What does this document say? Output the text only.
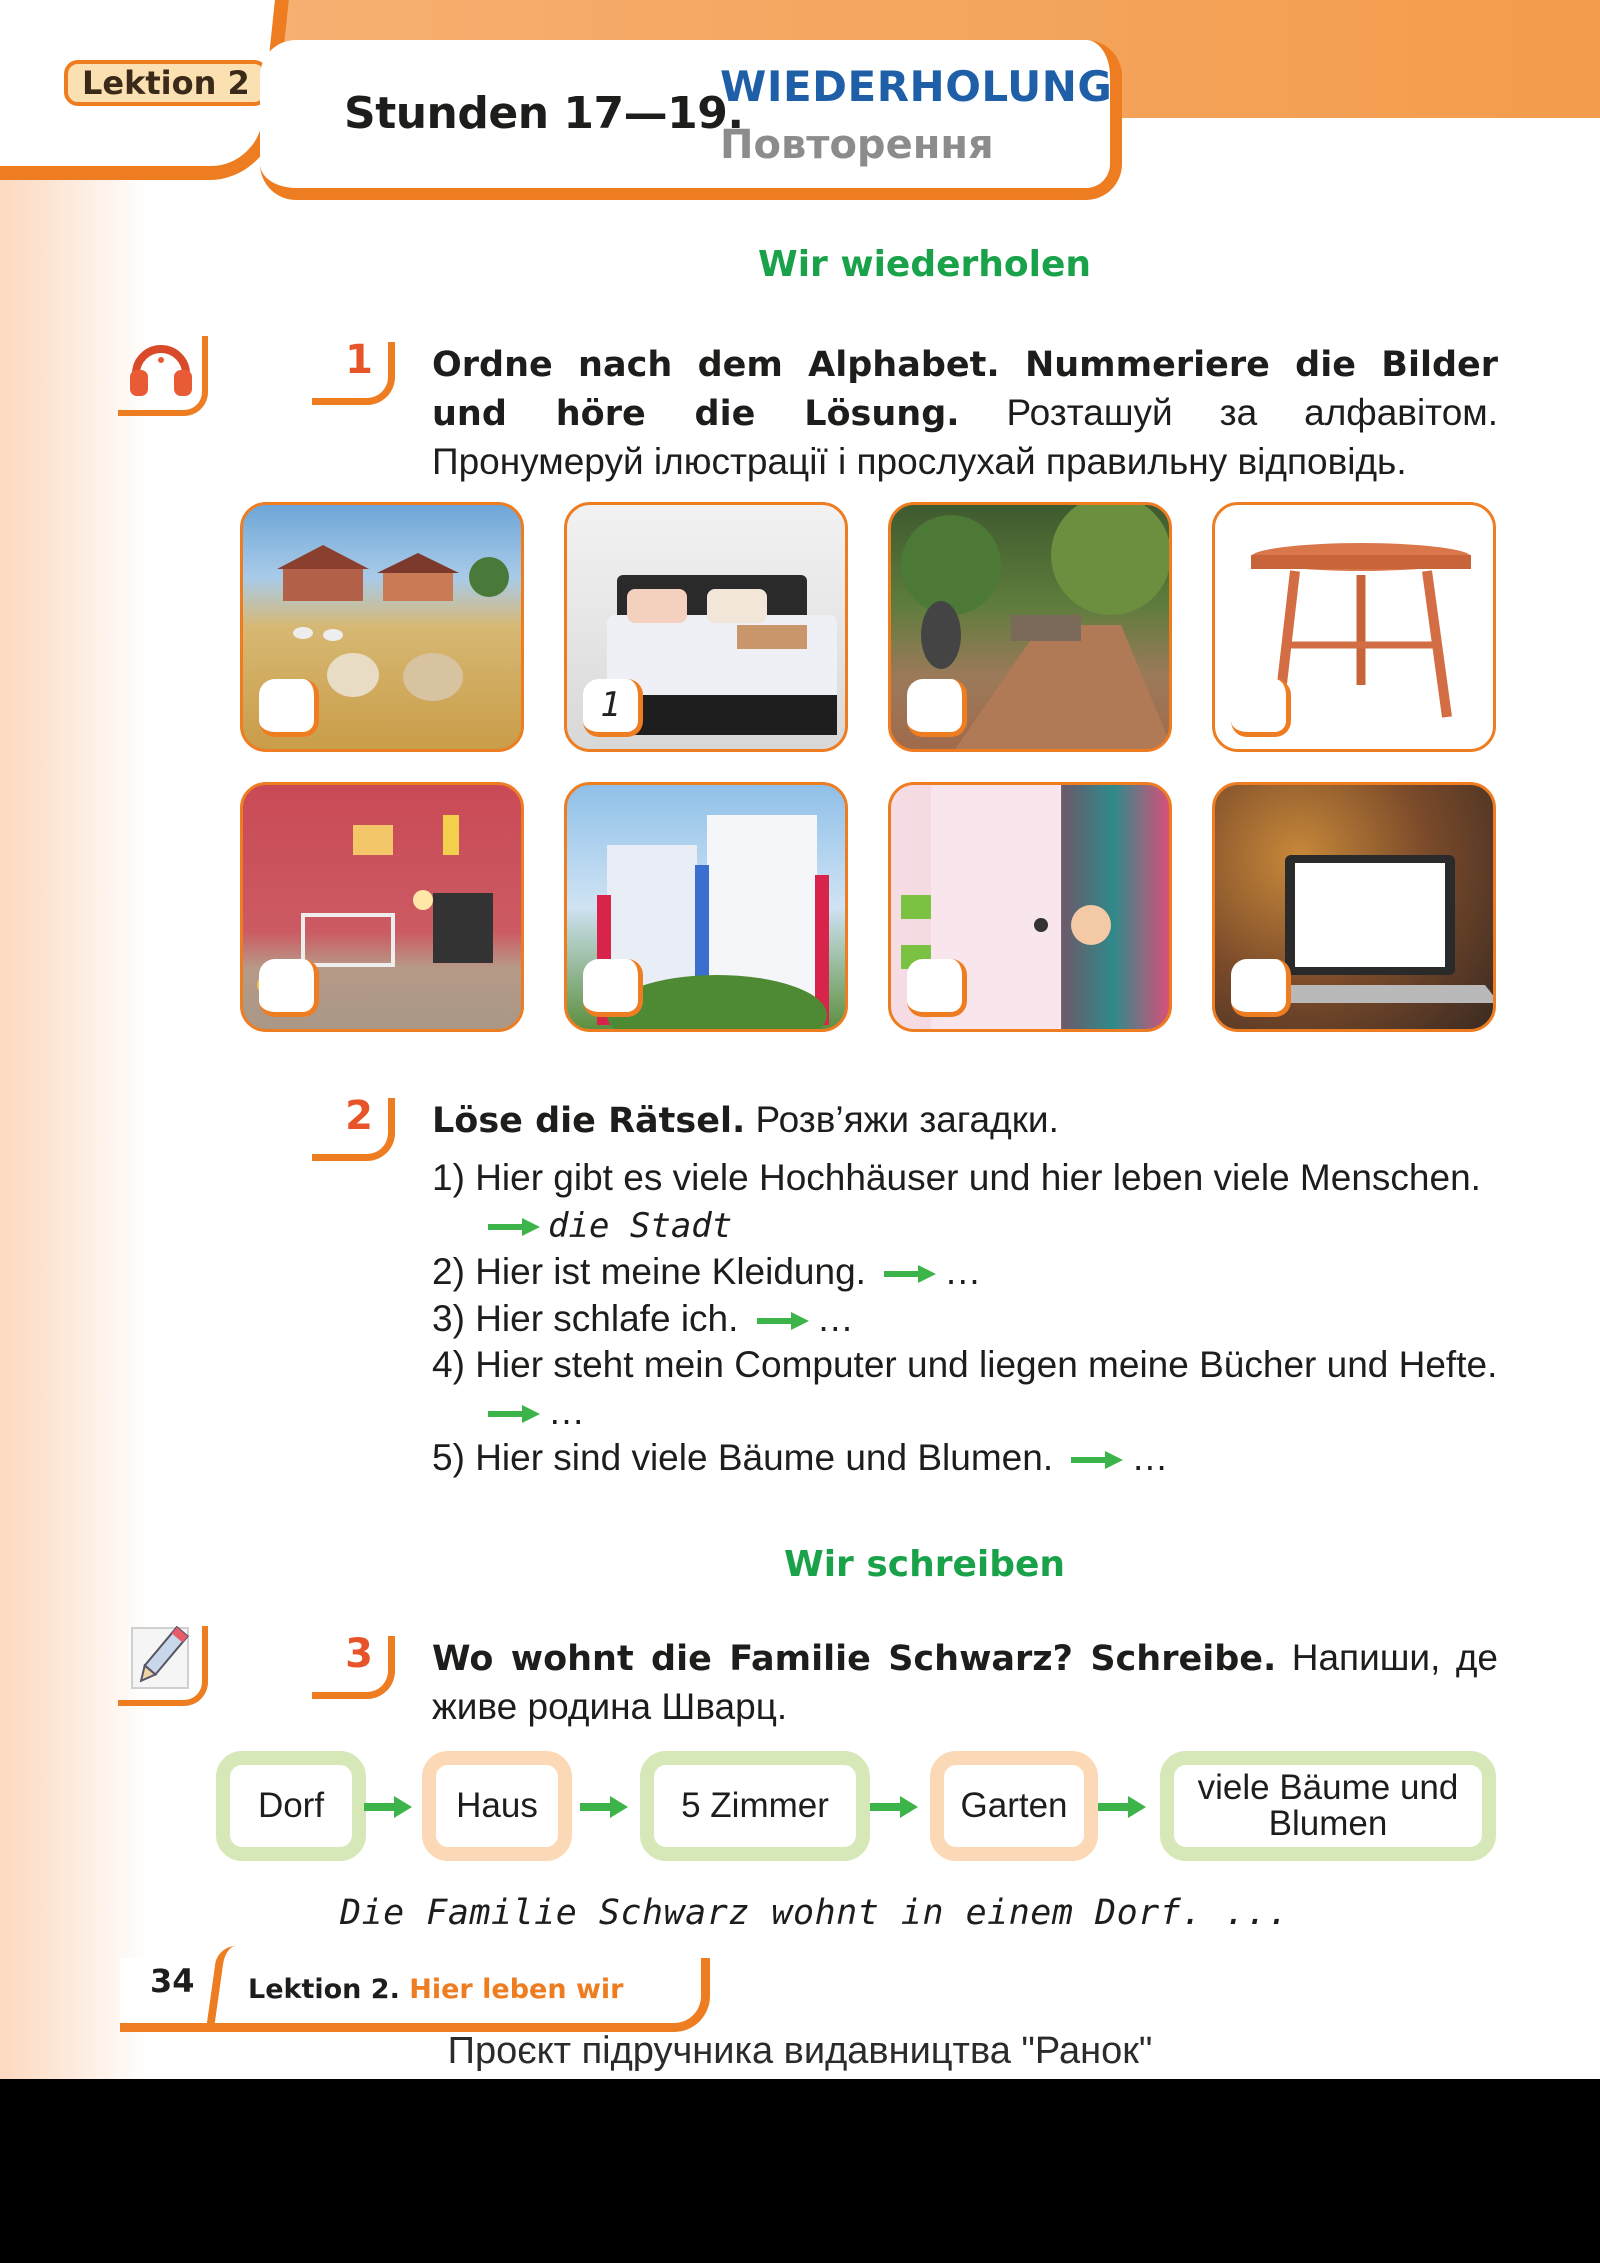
Lektion 2
Stunden 17—19.
WIEDERHOLUNG
Повторення
Wir wiederholen
1	Ordne nach dem Alphabet. Nummeriere die Bilder und höre die Lösung. Розташуй за алфавітом. Пронумеруй ілюстрації і прослухай правильну відповідь.
1
2	Löse die Rätsel. Розв’яжи загадки.
1) Hier gibt es viele Hochhäuser und hier leben viele Menschen. die Stadt
2) Hier ist meine Kleidung. …
3) Hier schlafe ich. …
4) Hier steht mein Computer und liegen meine Bücher und Hefte. …
5) Hier sind viele Bäume und Blumen. …
Wir schreiben
3	Wo wohnt die Familie Schwarz? Schreibe. Напиши, де живе родина Шварц.
Dorf	Haus	5 Zimmer	Garten	viele Bäume und Blumen
Die Familie Schwarz wohnt in einem Dorf. ...
34 Lektion 2. Hier leben wir
Проєкт підручника видавництва "Ранок"
